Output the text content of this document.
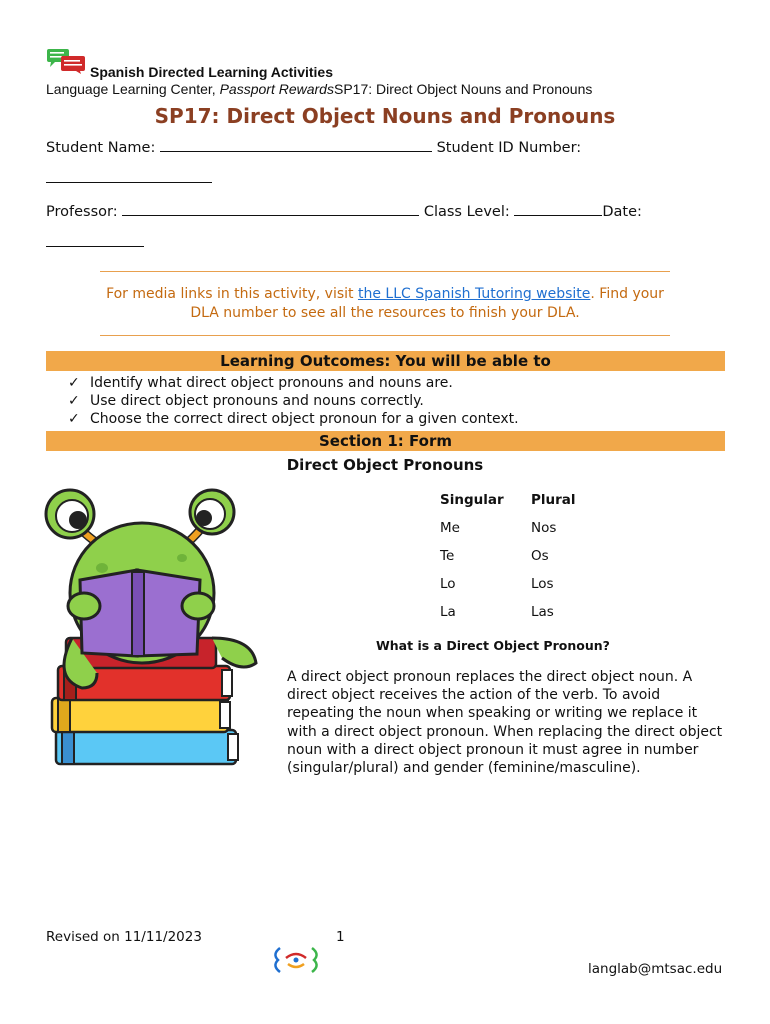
Spanish Directed Learning Activities
Language Learning Center, Passport RewardsSP17: Direct Object Nouns and Pronouns
SP17: Direct Object Nouns and Pronouns
Student Name:	Student ID Number:
Professor:	Class Level:	Date:
For media links in this activity, visit the LLC Spanish Tutoring website. Find your DLA number to see all the resources to finish your DLA.
Learning Outcomes: You will be able to
✓ Identify what direct object pronouns and nouns are.
✓ Use direct object pronouns and nouns correctly.
✓ Choose the correct direct object pronoun for a given context.
Section 1: Form
Direct Object Pronouns
Singular Plural
Me	Nos
Te	Os
Lo	Los
La	Las
What is a Direct Object Pronoun?
A direct object pronoun replaces the direct object noun. A direct object receives the action of the verb. To avoid repeating the noun when speaking or writing we replace it with a direct object pronoun. When replacing the direct object noun with a direct object pronoun it must agree in number (singular/plural) and gender (feminine/masculine).
Revised on 11/11/2023	1
langlab@mtsac.edu
